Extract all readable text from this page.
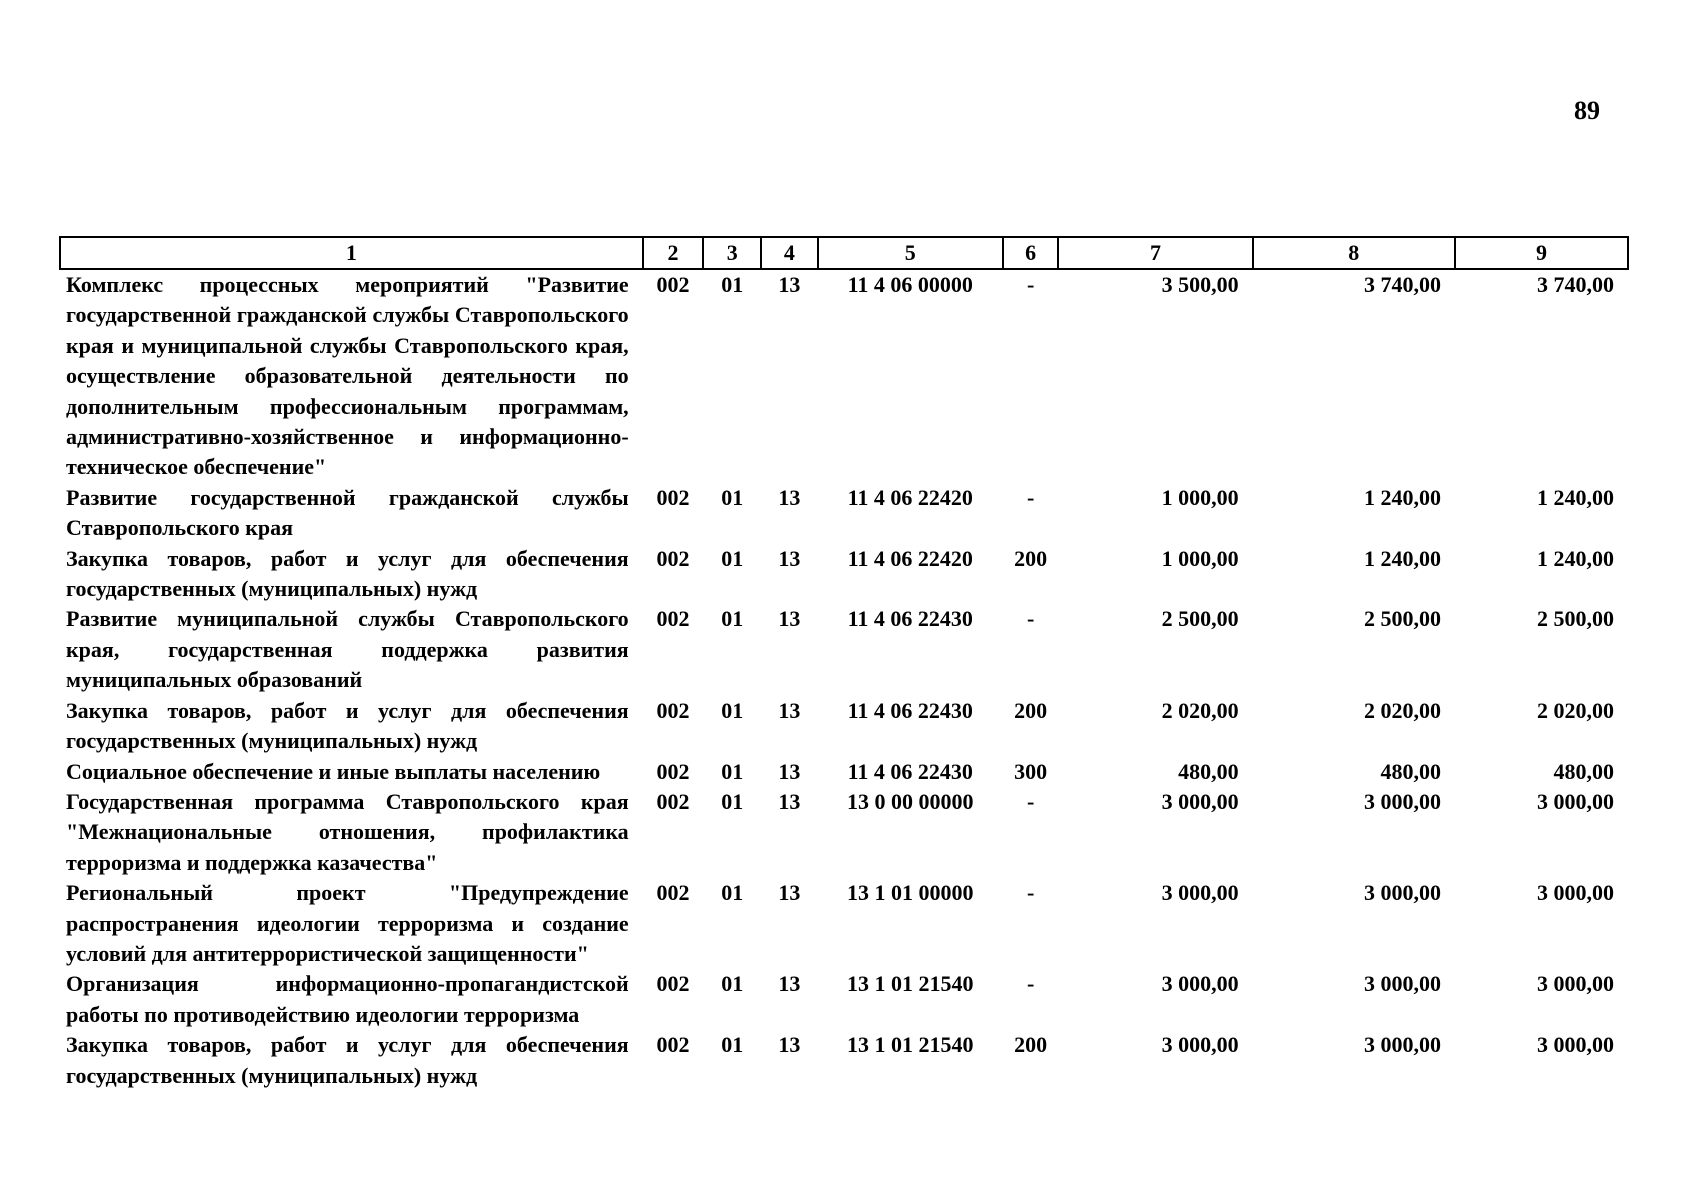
89
1	2	3	4	5	6	7	8	9
Комплекс процессных мероприятий "Развитие государственной гражданской службы Ставропольского края и муниципальной службы Ставропольского края, осуществление образовательной деятельности по дополнительным профессиональным программам, административно-хозяйственное и информационно-техническое обеспечение"	002	01	13	11 4 06 00000	-	3 500,00	3 740,00	3 740,00
Развитие государственной гражданской службы Ставропольского края	002	01	13	11 4 06 22420	-	1 000,00	1 240,00	1 240,00
Закупка товаров, работ и услуг для обеспечения государственных (муниципальных) нужд	002	01	13	11 4 06 22420	200	1 000,00	1 240,00	1 240,00
Развитие муниципальной службы Ставропольского края, государственная поддержка развития муниципальных образований	002	01	13	11 4 06 22430	-	2 500,00	2 500,00	2 500,00
Закупка товаров, работ и услуг для обеспечения государственных (муниципальных) нужд	002	01	13	11 4 06 22430	200	2 020,00	2 020,00	2 020,00
Социальное обеспечение и иные выплаты населению	002	01	13	11 4 06 22430	300	480,00	480,00	480,00
Государственная программа Ставропольского края "Межнациональные отношения, профилактика терроризма и поддержка казачества"	002	01	13	13 0 00 00000	-	3 000,00	3 000,00	3 000,00
Региональный проект "Предупреждение распространения идеологии терроризма и создание условий для антитеррористической защищенности"	002	01	13	13 1 01 00000	-	3 000,00	3 000,00	3 000,00
Организация информационно-пропагандистской работы по противодействию идеологии терроризма	002	01	13	13 1 01 21540	-	3 000,00	3 000,00	3 000,00
Закупка товаров, работ и услуг для обеспечения государственных (муниципальных) нужд	002	01	13	13 1 01 21540	200	3 000,00	3 000,00	3 000,00
